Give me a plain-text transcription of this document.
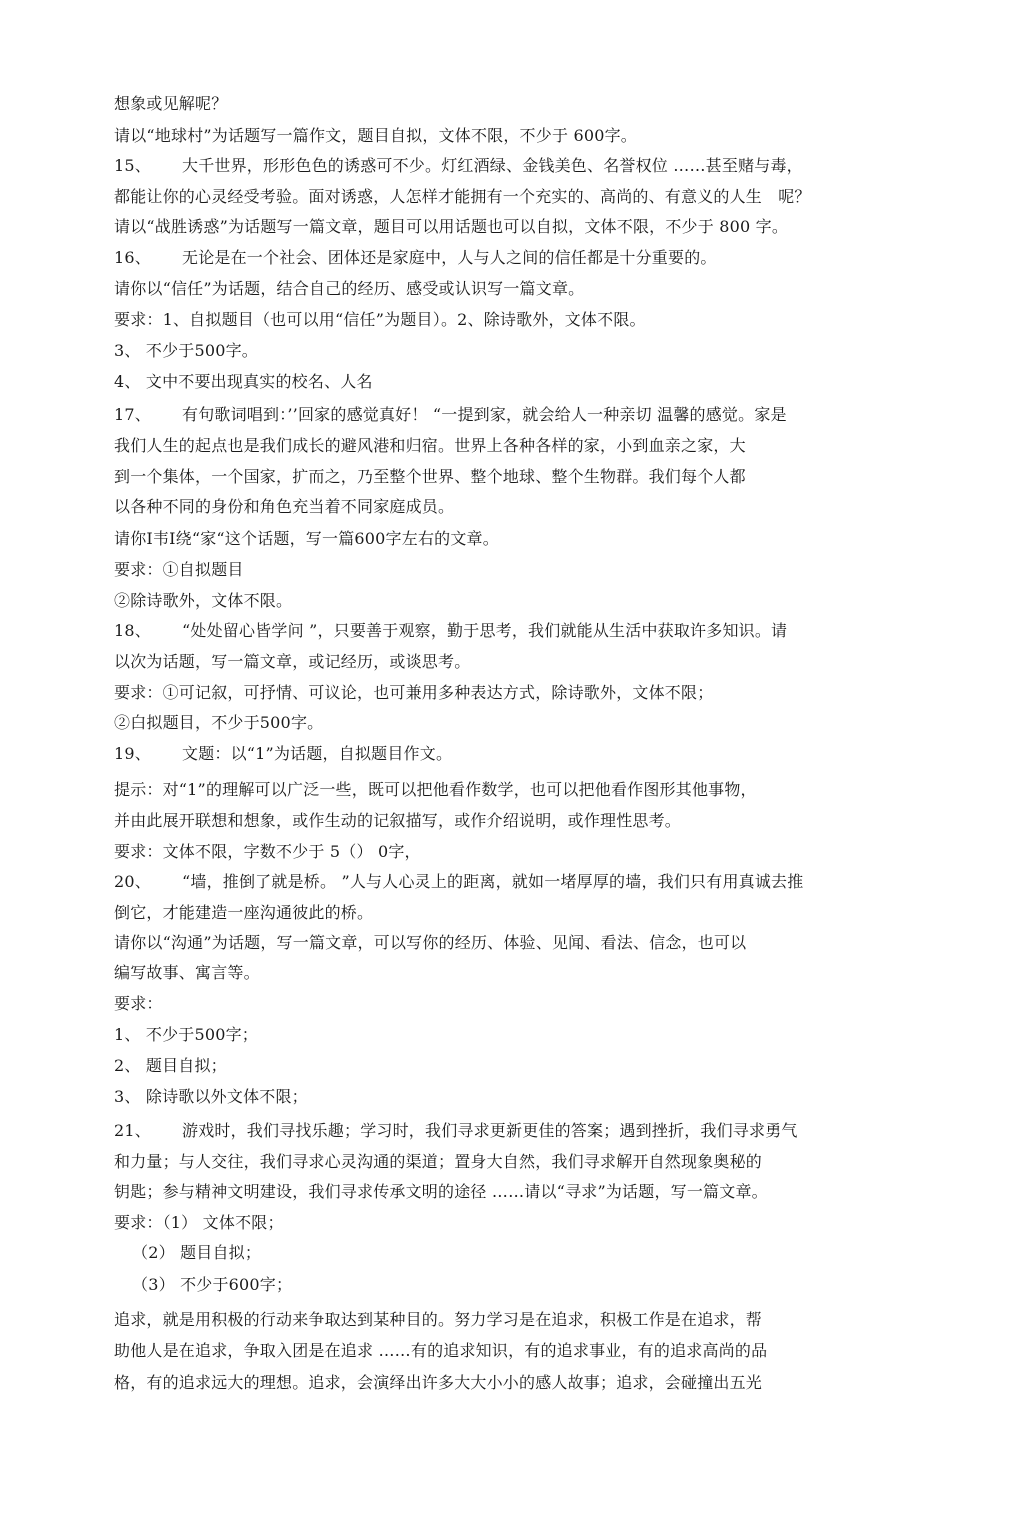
想象或见解呢？
请以“地球村”为话题写一篇作文，题目自拟，文体不限，不少于 600字。
15、 大千世界，形形色色的诱惑可不少。灯红酒绿、金钱美色、名誉权位 ……甚至赌与毒，
都能让你的心灵经受考验。面对诱惑，人怎样才能拥有一个充实的、高尚的、有意义的人生　呢？
请以“战胜诱惑”为话题写一篇文章，题目可以用话题也可以自拟，文体不限，不少于 800 字。
16、 无论是在一个社会、团体还是家庭中，人与人之间的信任都是十分重要的。
请你以“信任”为话题，结合自己的经历、感受或认识写一篇文章。
要求：1、自拟题目（也可以用“信任”为题目）。2、除诗歌外，文体不限。
3、 不少于500字。
4、 文中不要出现真实的校名、人名
17、 有句歌词唱到：’’回家的感觉真好！ “一提到家，就会给人一种亲切 温馨的感觉。家是
我们人生的起点也是我们成长的避风港和归宿。世界上各种各样的家，小到血亲之家，大
到一个集体，一个国家，扩而之，乃至整个世界、整个地球、整个生物群。我们每个人都
以各种不同的身份和角色充当着不同家庭成员。
请你I韦I绕“家“这个话题，写一篇600字左右的文章。
要求：①自拟题目
②除诗歌外，文体不限。
18、 “处处留心皆学问 ”，只要善于观察，勤于思考，我们就能从生活中获取许多知识。请
以次为话题，写一篇文章，或记经历，或谈思考。
要求：①可记叙，可抒情、可议论，也可兼用多种表达方式，除诗歌外，文体不限；
②白拟题目，不少于500字。
19、 文题：以“1”为话题，自拟题目作文。
提示：对“1”的理解可以广泛一些，既可以把他看作数学，也可以把他看作图形其他事物，
并由此展开联想和想象，或作生动的记叙描写，或作介绍说明，或作理性思考。
要求：文体不限，字数不少于 5（） 0字，
20、 “墙，推倒了就是桥。 ”人与人心灵上的距离，就如一堵厚厚的墙，我们只有用真诚去推
倒它，才能建造一座沟通彼此的桥。
请你以“沟通”为话题，写一篇文章，可以写你的经历、体验、见闻、看法、信念，也可以
编写故事、寓言等。
要求：
1、 不少于500字；
2、 题目自拟；
3、 除诗歌以外文体不限；
21、 游戏时，我们寻找乐趣；学习时，我们寻求更新更佳的答案；遇到挫折，我们寻求勇气
和力量；与人交往，我们寻求心灵沟通的渠道；置身大自然，我们寻求解开自然现象奥秘的
钥匙；参与精神文明建设，我们寻求传承文明的途径 ……请以“寻求”为话题，写一篇文章。
要求：（1） 文体不限；
（2） 题目自拟；
（3） 不少于600字；
追求，就是用积极的行动来争取达到某种目的。努力学习是在追求，积极工作是在追求，帮
助他人是在追求，争取入团是在追求 ……有的追求知识，有的追求事业，有的追求高尚的品
格，有的追求远大的理想。追求，会演绎出许多大大小小的感人故事；追求，会碰撞出五光
